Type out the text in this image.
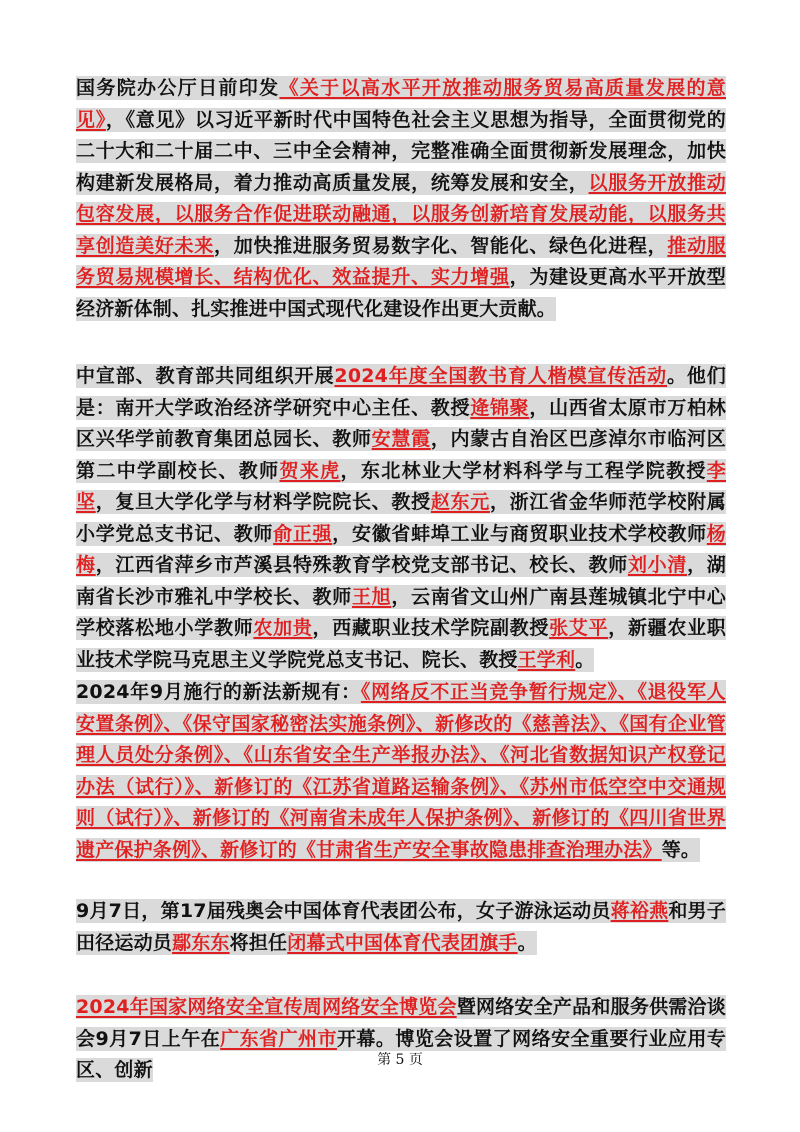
国务院办公厅日前印发《关于以高水平开放推动服务贸易高质量发展的意见》，《意见》以习近平新时代中国特色社会主义思想为指导，全面贯彻党的二十大和二十届二中、三中全会精神，完整准确全面贯彻新发展理念，加快构建新发展格局，着力推动高质量发展，统筹发展和安全，以服务开放推动包容发展，以服务合作促进联动融通，以服务创新培育发展动能，以服务共享创造美好未来，加快推进服务贸易数字化、智能化、绿色化进程，推动服务贸易规模增长、结构优化、效益提升、实力增强，为建设更高水平开放型经济新体制、扎实推进中国式现代化建设作出更大贡献。
中宣部、教育部共同组织开展2024年度全国教书育人楷模宣传活动。他们是：南开大学政治经济学研究中心主任、教授逄锦聚，山西省太原市万柏林区兴华学前教育集团总园长、教师安慧霞，内蒙古自治区巴彦淖尔市临河区第二中学副校长、教师贺来虎，东北林业大学材料科学与工程学院教授李坚，复旦大学化学与材料学院院长、教授赵东元，浙江省金华师范学校附属小学党总支书记、教师俞正强，安徽省蚌埠工业与商贸职业技术学校教师杨梅，江西省萍乡市芦溪县特殊教育学校党支部书记、校长、教师刘小清，湖南省长沙市雅礼中学校长、教师王旭，云南省文山州广南县莲城镇北宁中心学校落松地小学教师农加贵，西藏职业技术学院副教授张艾平，新疆农业职业技术学院马克思主义学院党总支书记、院长、教授王学利。
2024年9月施行的新法新规有：《网络反不正当竞争暂行规定》、《退役军人安置条例》、《保守国家秘密法实施条例》、新修改的《慈善法》、《国有企业管理人员处分条例》、《山东省安全生产举报办法》、《河北省数据知识产权登记办法（试行）》、新修订的《江苏省道路运输条例》、《苏州市低空空中交通规则（试行）》、新修订的《河南省未成年人保护条例》、新修订的《四川省世界遗产保护条例》、新修订的《甘肃省生产安全事故隐患排查治理办法》等。
9月7日，第17届残奥会中国体育代表团公布，女子游泳运动员蒋裕燕和男子田径运动员鄢东东将担任闭幕式中国体育代表团旗手。
2024年国家网络安全宣传周网络安全博览会暨网络安全产品和服务供需洽谈会9月7日上午在广东省广州市开幕。博览会设置了网络安全重要行业应用专区、创新	第 5 页
